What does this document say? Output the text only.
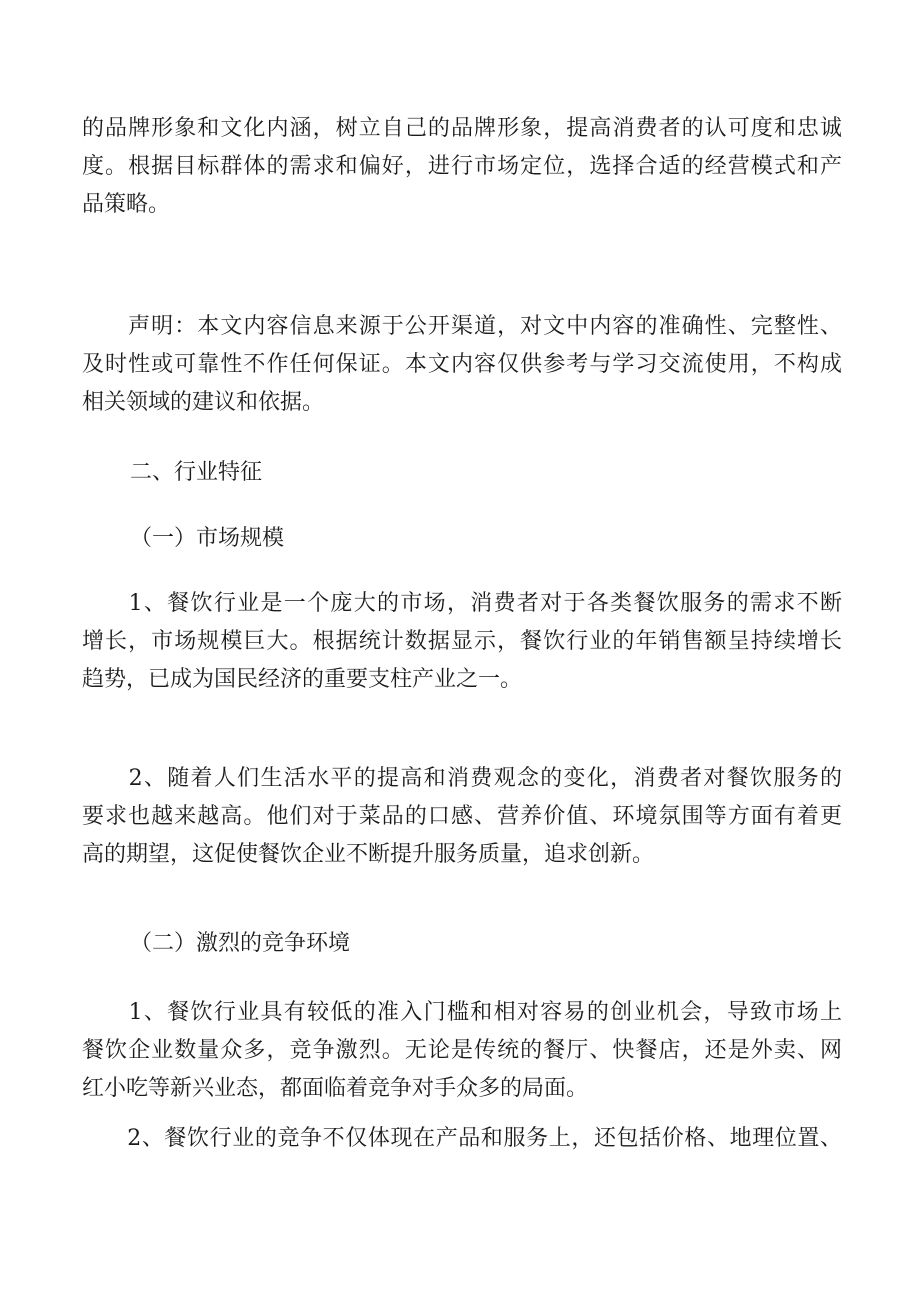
的品牌形象和文化内涵，树立自己的品牌形象，提高消费者的认可度和忠诚
度。根据目标群体的需求和偏好，进行市场定位，选择合适的经营模式和产
品策略。
　　声明：本文内容信息来源于公开渠道，对文中内容的准确性、完整性、
及时性或可靠性不作任何保证。本文内容仅供参考与学习交流使用，不构成
相关领域的建议和依据。
二、行业特征
（一）市场规模
　　1、餐饮行业是一个庞大的市场，消费者对于各类餐饮服务的需求不断
增长，市场规模巨大。根据统计数据显示，餐饮行业的年销售额呈持续增长
趋势，已成为国民经济的重要支柱产业之一。
　　2、随着人们生活水平的提高和消费观念的变化，消费者对餐饮服务的
要求也越来越高。他们对于菜品的口感、营养价值、环境氛围等方面有着更
高的期望，这促使餐饮企业不断提升服务质量，追求创新。
（二）激烈的竞争环境
　　1、餐饮行业具有较低的准入门槛和相对容易的创业机会，导致市场上
餐饮企业数量众多，竞争激烈。无论是传统的餐厅、快餐店，还是外卖、网
红小吃等新兴业态，都面临着竞争对手众多的局面。
　　2、餐饮行业的竞争不仅体现在产品和服务上，还包括价格、地理位置、
